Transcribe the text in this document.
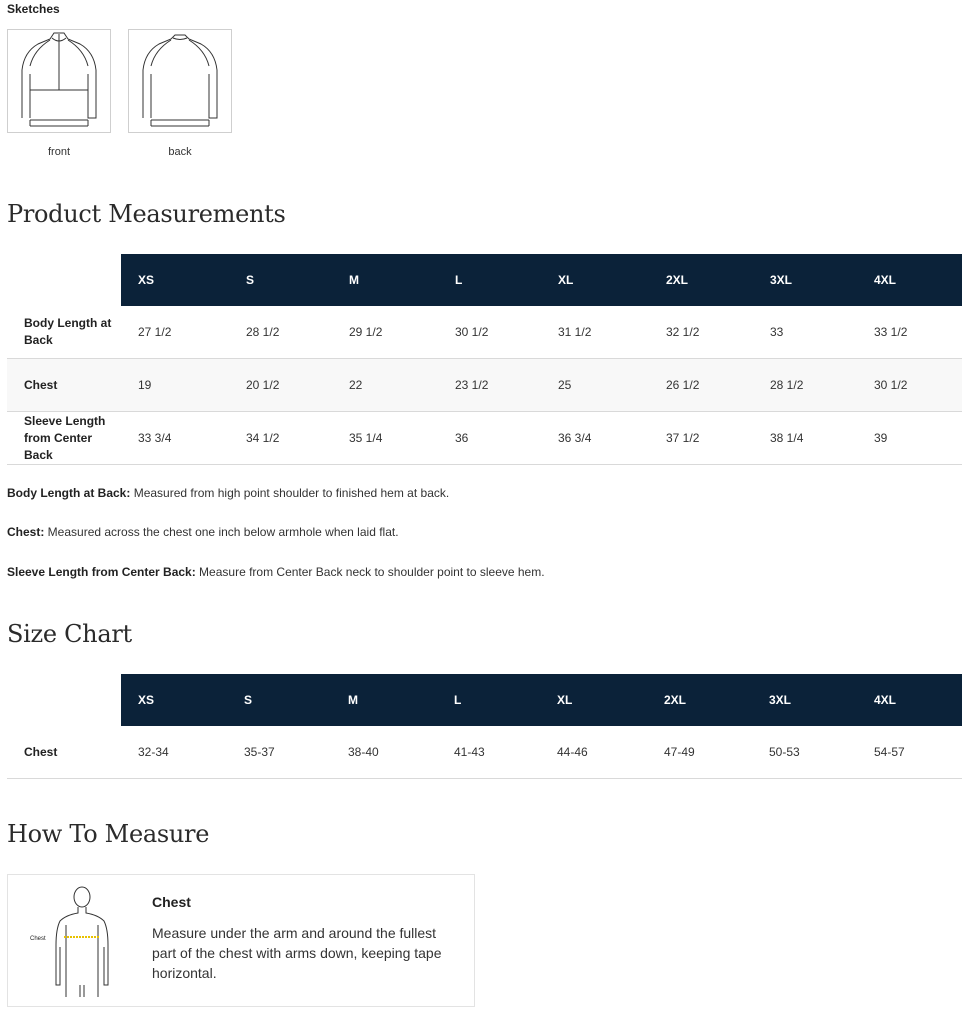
Sketches
front	back
Product Measurements
	XS	S	M	L	XL	2XL	3XL	4XL
Body Length at Back	27 1/2	28 1/2	29 1/2	30 1/2	31 1/2	32 1/2	33	33 1/2
Chest	19	20 1/2	22	23 1/2	25	26 1/2	28 1/2	30 1/2
Sleeve Length from Center Back	33 3/4	34 1/2	35 1/4	36	36 3/4	37 1/2	38 1/4	39
Body Length at Back: Measured from high point shoulder to finished hem at back.
Chest: Measured across the chest one inch below armhole when laid flat.
Sleeve Length from Center Back: Measure from Center Back neck to shoulder point to sleeve hem.
Size Chart
	XS	S	M	L	XL	2XL	3XL	4XL
Chest	32-34	35-37	38-40	41-43	44-46	47-49	50-53	54-57
How To Measure
Chest
Chest
Measure under the arm and around the fullest part of the chest with arms down, keeping tape horizontal.
